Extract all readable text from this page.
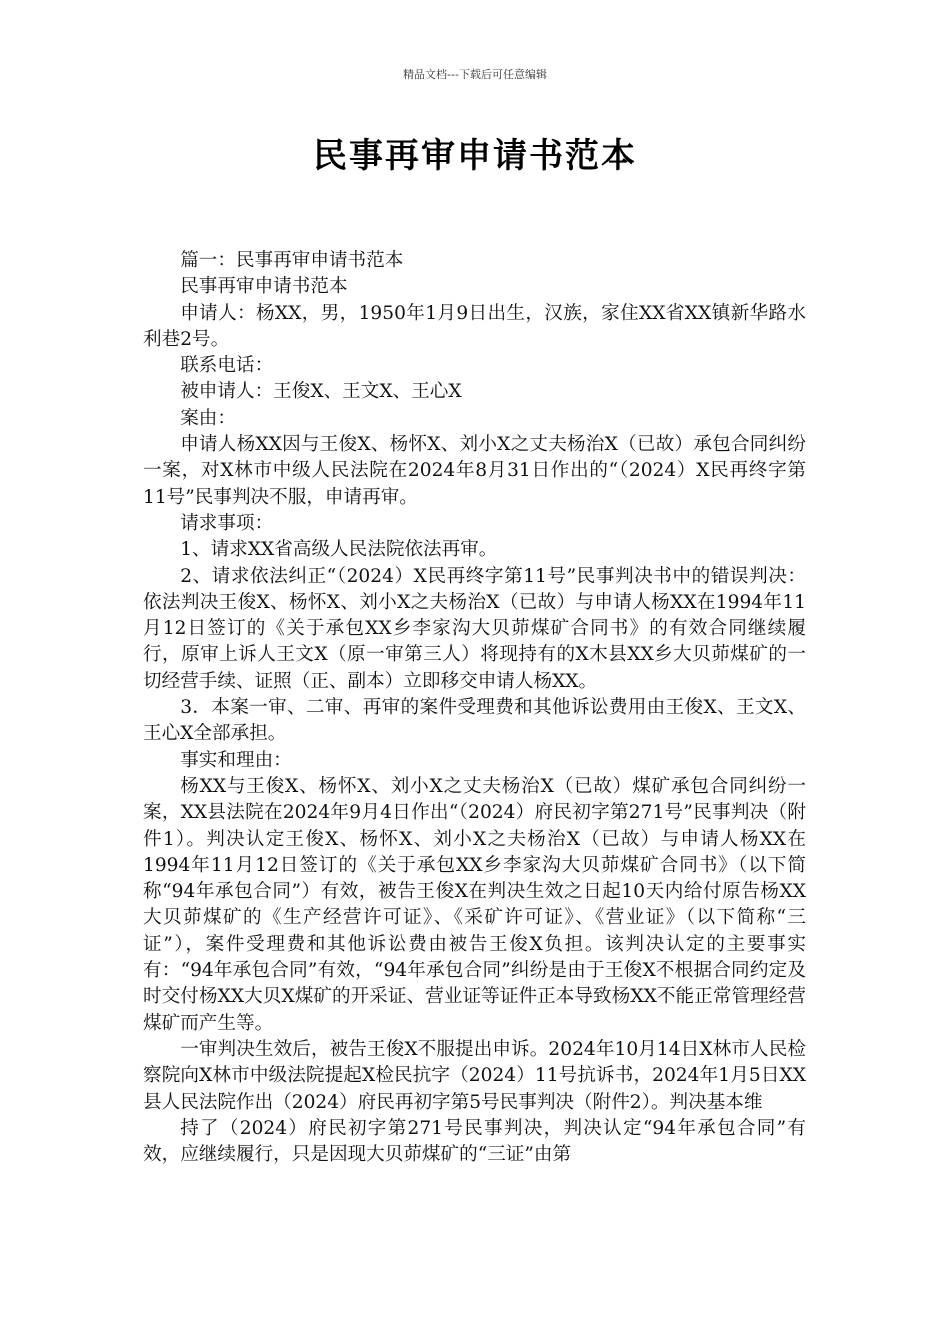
精品文档---下载后可任意编辑
民事再审申请书范本

篇一：民事再审申请书范本

民事再审申请书范本

申请人：杨XX，男，1950年1月9日出生，汉族，家住XX省XX镇新华路水利巷2号。

联系电话：

被申请人：王俊X、王文X、王心X

案由：

申请人杨XX因与王俊X、杨怀X、刘小X之丈夫杨治X（已故）承包合同纠纷一案，对X林市中级人民法院在2024年8月31日作出的“（2024）X民再终字第11号”民事判决不服，申请再审。

请求事项：

1、请求XX省高级人民法院依法再审。

2、请求依法纠正“（2024）X民再终字第11号”民事判决书中的错误判决：依法判决王俊X、杨怀X、刘小X之夫杨治X（已故）与申请人杨XX在1994年11月12日签订的《关于承包XX乡李家沟大贝茆煤矿合同书》的有效合同继续履行，原审上诉人王文X（原一审第三人）将现持有的X木县XX乡大贝茆煤矿的一切经营手续、证照（正、副本）立即移交申请人杨XX。

3．本案一审、二审、再审的案件受理费和其他诉讼费用由王俊X、王文X、王心X全部承担。

事实和理由：

杨XX与王俊X、杨怀X、刘小X之丈夫杨治X（已故）煤矿承包合同纠纷一案，XX县法院在2024年9月4日作出“（2024）府民初字第271号”民事判决（附件1）。判决认定王俊X、杨怀X、刘小X之夫杨治X（已故）与申请人杨XX在1994年11月12日签订的《关于承包XX乡李家沟大贝茆煤矿合同书》（以下简称“94年承包合同”）有效，被告王俊X在判决生效之日起10天内给付原告杨XX大贝茆煤矿的《生产经营许可证》、《采矿许可证》、《营业证》（以下简称“三证”），案件受理费和其他诉讼费由被告王俊X负担。该判决认定的主要事实有：“94年承包合同”有效，“94年承包合同”纠纷是由于王俊X不根据合同约定及时交付杨XX大贝X煤矿的开采证、营业证等证件正本导致杨XX不能正常管理经营煤矿而产生等。

一审判决生效后，被告王俊X不服提出申诉。2024年10月14日X林市人民检察院向X林市中级法院提起X检民抗字（2024）11号抗诉书，2024年1月5日XX县人民法院作出（2024）府民再初字第5号民事判决（附件2）。判决基本维

持了（2024）府民初字第271号民事判决，判决认定“94年承包合同”有效，应继续履行，只是因现大贝茆煤矿的“三证”由第
